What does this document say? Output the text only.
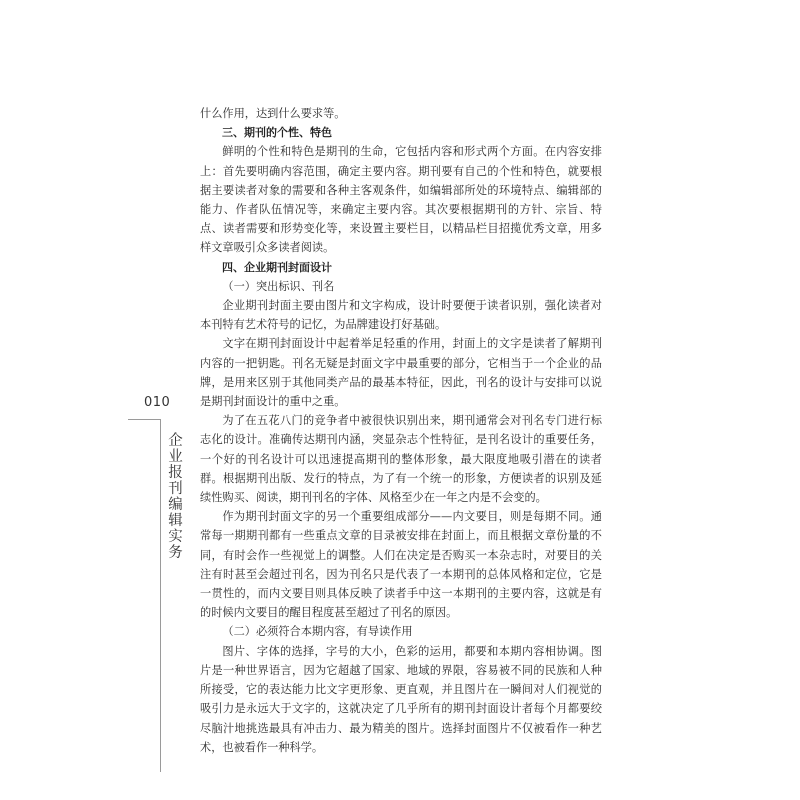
010
企业报刊编辑实务

什么作用，达到什么要求等。

三、期刊的个性、特色

鲜明的个性和特色是期刊的生命，它包括内容和形式两个方面。在内容安排上：首先要明确内容范围，确定主要内容。期刊要有自己的个性和特色，就要根据主要读者对象的需要和各种主客观条件，如编辑部所处的环境特点、编辑部的能力、作者队伍情况等，来确定主要内容。其次要根据期刊的方针、宗旨、特点、读者需要和形势变化等，来设置主要栏目，以精品栏目招揽优秀文章，用多样文章吸引众多读者阅读。

四、企业期刊封面设计

（一）突出标识、刊名

企业期刊封面主要由图片和文字构成，设计时要便于读者识别，强化读者对本刊特有艺术符号的记忆，为品牌建设打好基础。

文字在期刊封面设计中起着举足轻重的作用，封面上的文字是读者了解期刊内容的一把钥匙。刊名无疑是封面文字中最重要的部分，它相当于一个企业的品牌，是用来区别于其他同类产品的最基本特征，因此，刊名的设计与安排可以说是期刊封面设计的重中之重。

为了在五花八门的竞争者中被很快识别出来，期刊通常会对刊名专门进行标志化的设计。准确传达期刊内涵，突显杂志个性特征，是刊名设计的重要任务，一个好的刊名设计可以迅速提高期刊的整体形象，最大限度地吸引潜在的读者群。根据期刊出版、发行的特点，为了有一个统一的形象，方便读者的识别及延续性购买、阅读，期刊刊名的字体、风格至少在一年之内是不会变的。

作为期刊封面文字的另一个重要组成部分——内文要目，则是每期不同。通常每一期期刊都有一些重点文章的目录被安排在封面上，而且根据文章份量的不同，有时会作一些视觉上的调整。人们在决定是否购买一本杂志时，对要目的关注有时甚至会超过刊名，因为刊名只是代表了一本期刊的总体风格和定位，它是一贯性的，而内文要目则具体反映了读者手中这一本期刊的主要内容，这就是有的时候内文要目的醒目程度甚至超过了刊名的原因。

（二）必须符合本期内容，有导读作用

图片、字体的选择，字号的大小，色彩的运用，都要和本期内容相协调。图片是一种世界语言，因为它超越了国家、地域的界限，容易被不同的民族和人种所接受，它的表达能力比文字更形象、更直观，并且图片在一瞬间对人们视觉的吸引力是永远大于文字的，这就决定了几乎所有的期刊封面设计者每个月都要绞尽脑汁地挑选最具有冲击力、最为精美的图片。选择封面图片不仅被看作一种艺术，也被看作一种科学。
